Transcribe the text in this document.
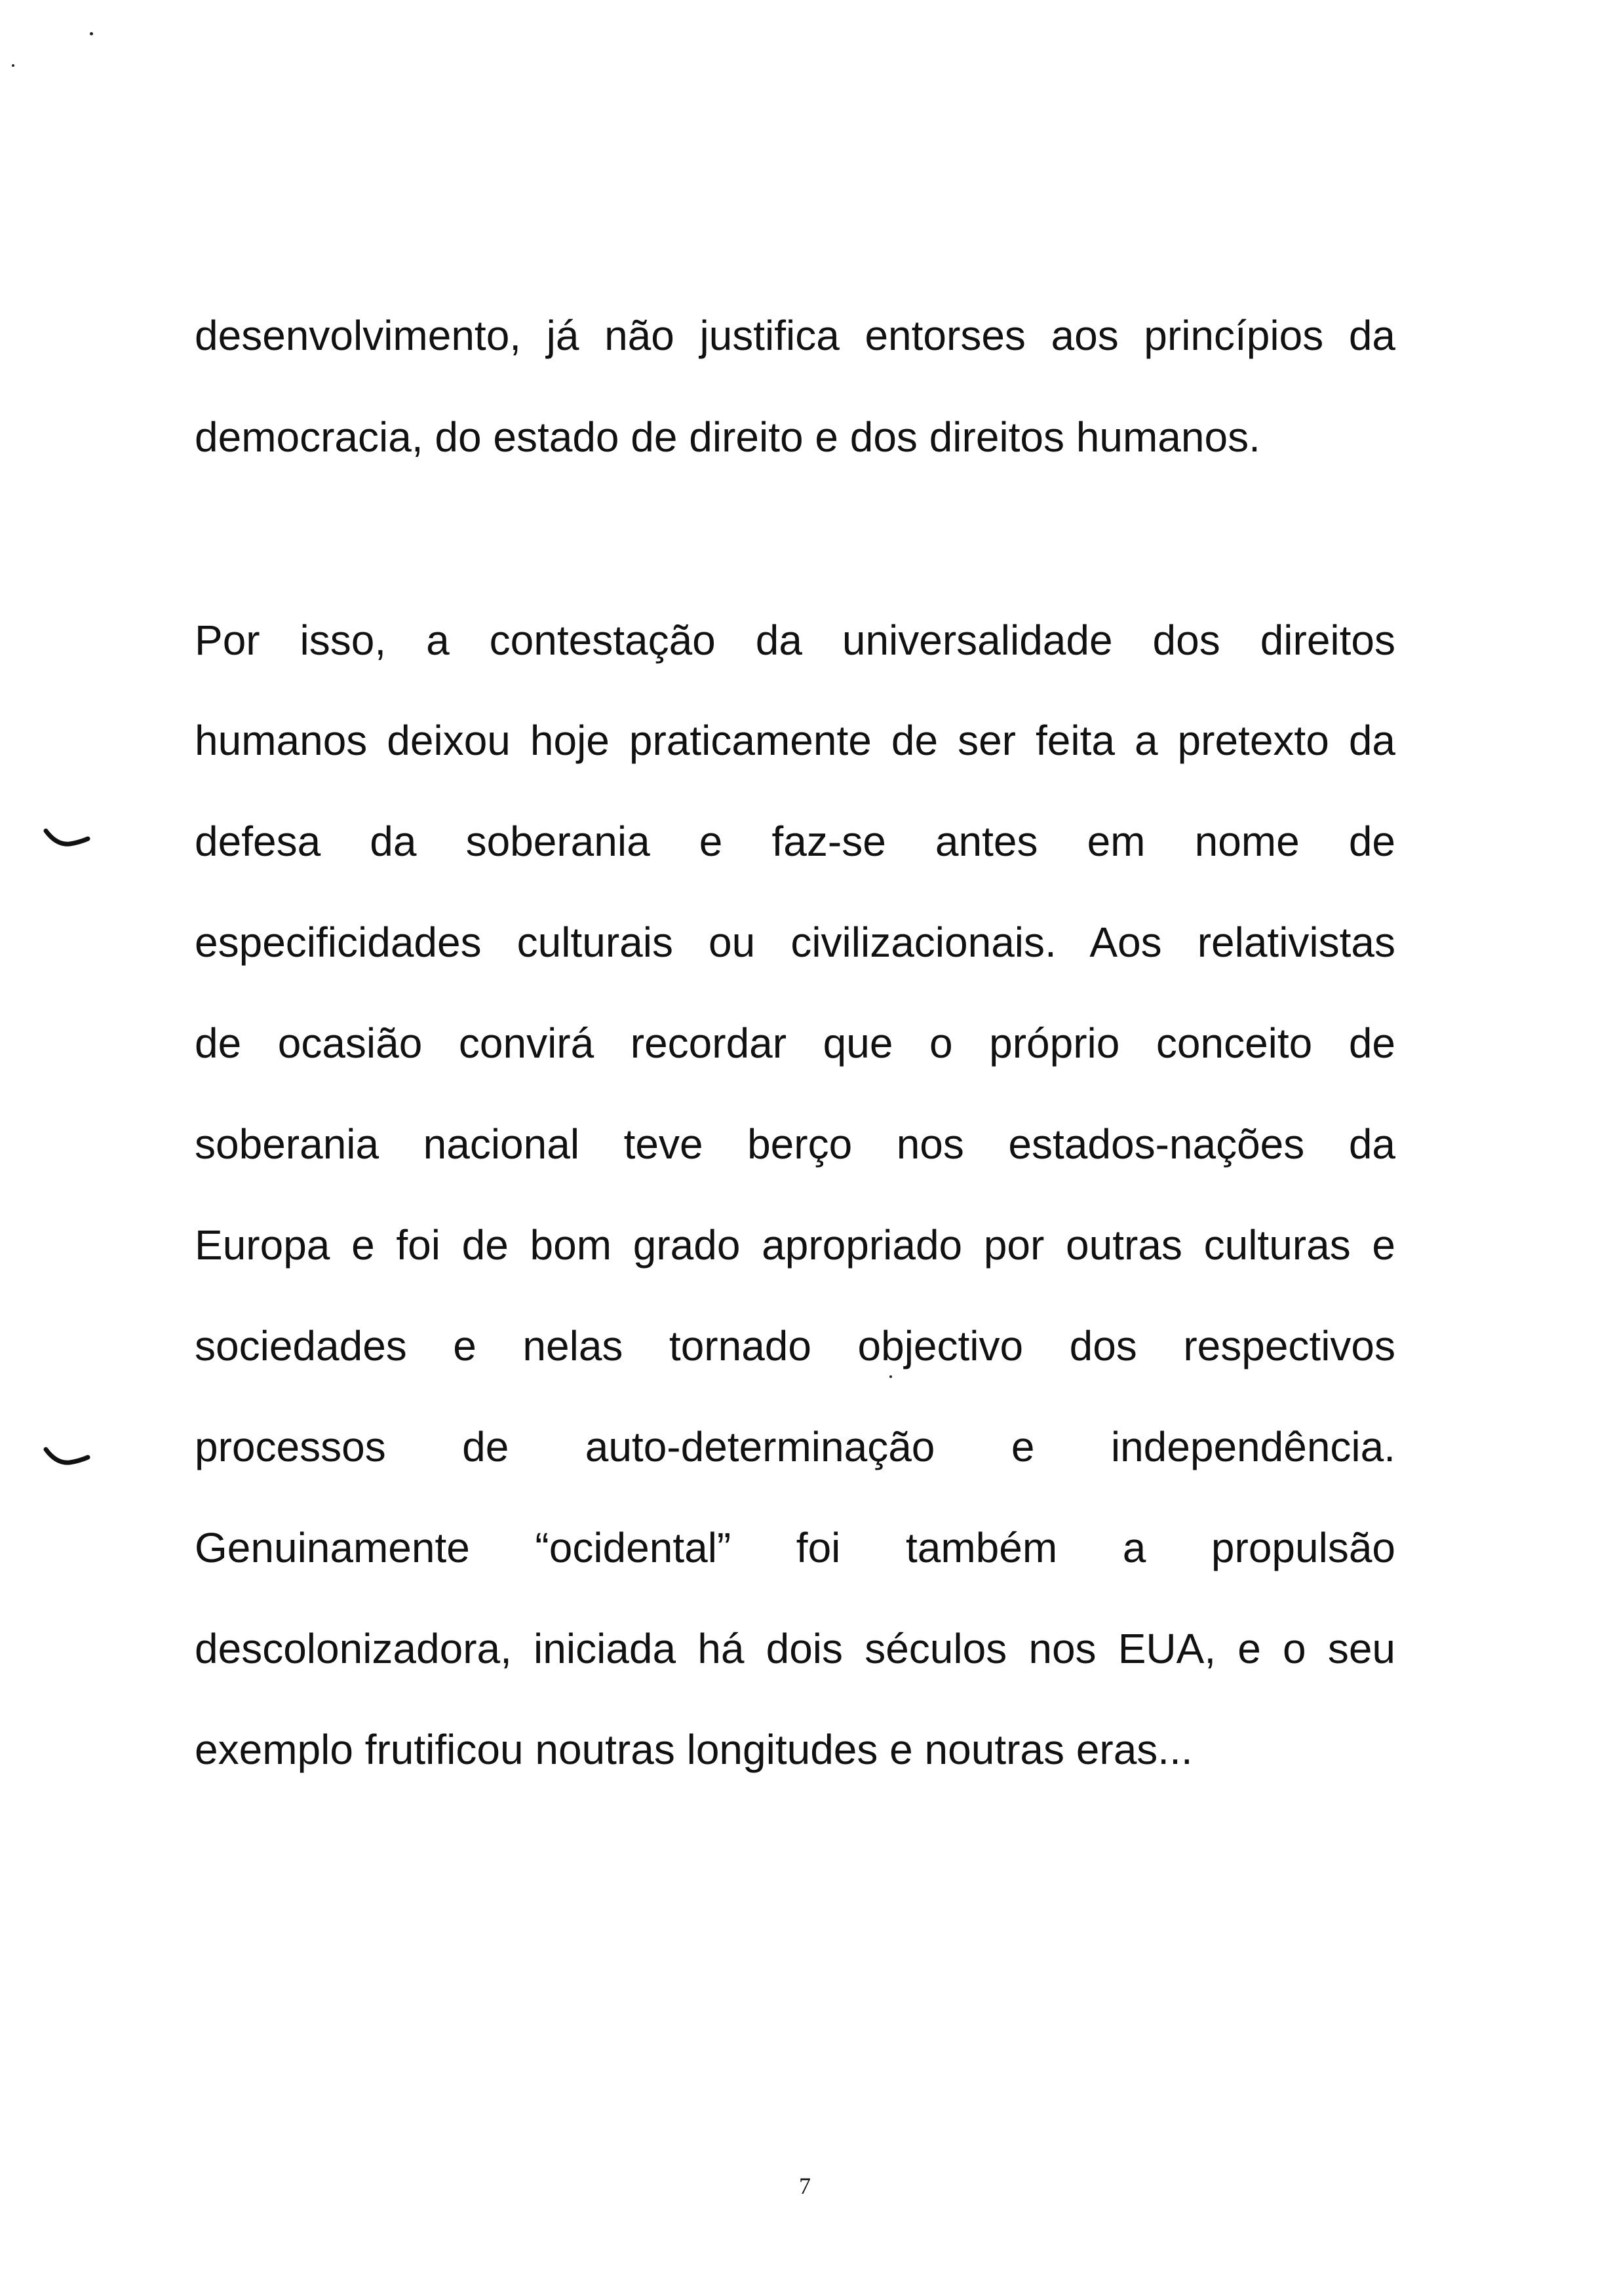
desenvolvimento, já não justifica entorses aos princípios da
democracia, do estado de direito e dos direitos humanos.
Por isso, a contestação da universalidade dos direitos
humanos deixou hoje praticamente de ser feita a pretexto da
defesa da soberania e faz-se antes em nome de
especificidades culturais ou civilizacionais. Aos relativistas
de ocasião convirá recordar que o próprio conceito de
soberania nacional teve berço nos estados-nações da
Europa e foi de bom grado apropriado por outras culturas e
sociedades e nelas tornado objectivo dos respectivos
processos de auto-determinação e independência.
Genuinamente “ocidental” foi também a propulsão
descolonizadora, iniciada há dois séculos nos EUA, e o seu
exemplo frutificou noutras longitudes e noutras eras...
7
